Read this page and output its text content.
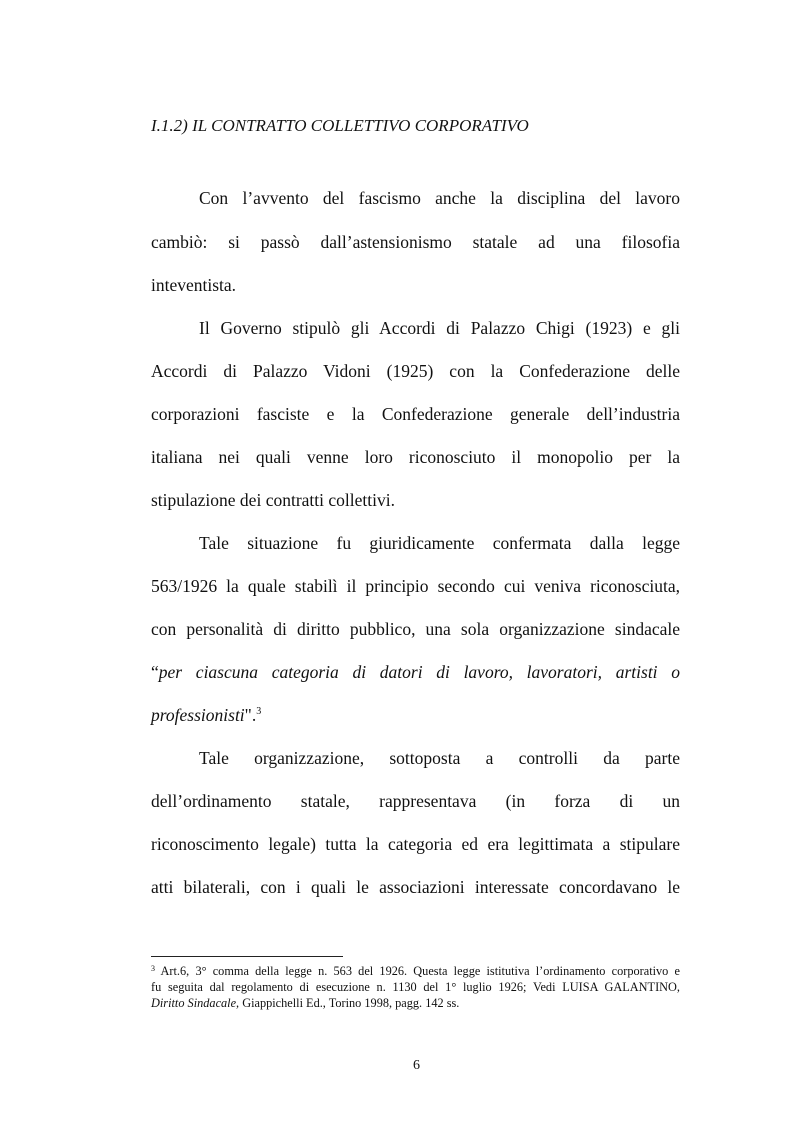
I.1.2) IL CONTRATTO COLLETTIVO CORPORATIVO
Con l’avvento del fascismo anche la disciplina del lavoro
cambiò: si passò dall’astensionismo statale ad una filosofia
inteventista.
Il Governo stipulò gli Accordi di Palazzo Chigi (1923) e gli
Accordi di Palazzo Vidoni (1925) con la Confederazione delle
corporazioni fasciste e la Confederazione generale dell’industria
italiana nei quali venne loro riconosciuto il monopolio per la
stipulazione dei contratti collettivi.
Tale situazione fu giuridicamente confermata dalla legge
563/1926 la quale stabilì il principio secondo cui veniva riconosciuta,
con personalità di diritto pubblico, una sola organizzazione sindacale
“per ciascuna categoria di datori di lavoro, lavoratori, artisti o
professionisti".$^3$
Tale organizzazione, sottoposta a controlli da parte
dell’ordinamento statale, rappresentava (in forza di un
riconoscimento legale) tutta la categoria ed era legittimata a stipulare
atti bilaterali, con i quali le associazioni interessate concordavano le
$^3$ Art.6, 3° comma della legge n. 563 del 1926. Questa legge istitutiva l’ordinamento corporativo e
fu seguita dal regolamento di esecuzione n. 1130 del 1° luglio 1926; Vedi LUISA GALANTINO,
Diritto Sindacale, Giappichelli Ed., Torino 1998, pagg. 142 ss.
6
